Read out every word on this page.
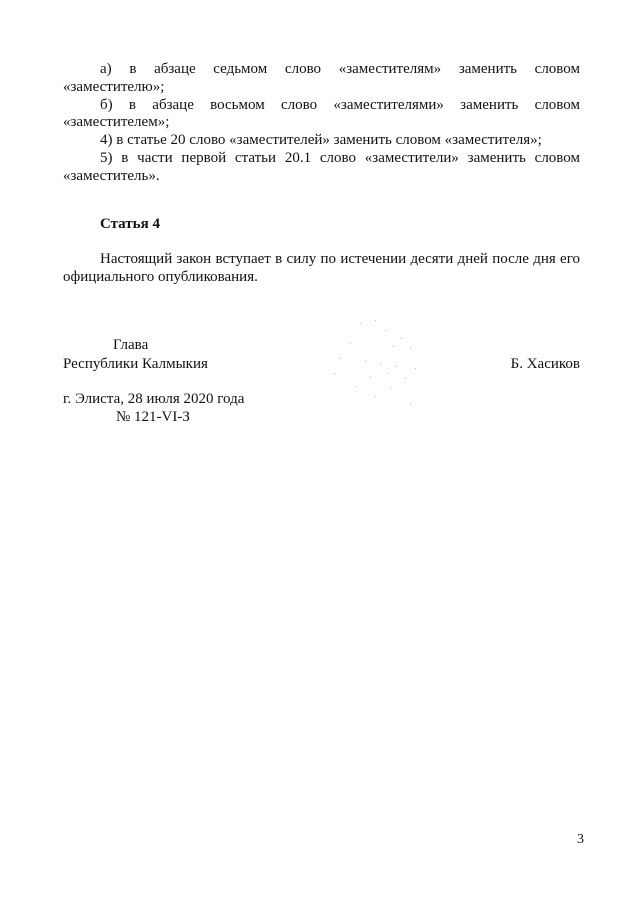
а) в абзаце седьмом слово «заместителям» заменить словом
«заместителю»;
б) в абзаце восьмом слово «заместителями» заменить словом
«заместителем»;
4) в статье 20 слово «заместителей» заменить словом «заместителя»;
5) в части первой статьи 20.1 слово «заместители» заменить словом
«заместитель».
Статья 4
Настоящий закон вступает в силу по истечении десяти дней после дня его
официального опубликования.
Глава
Республики Калмыкия	Б. Хасиков
г. Элиста, 28 июля 2020 года
№ 121-VI-З
3
